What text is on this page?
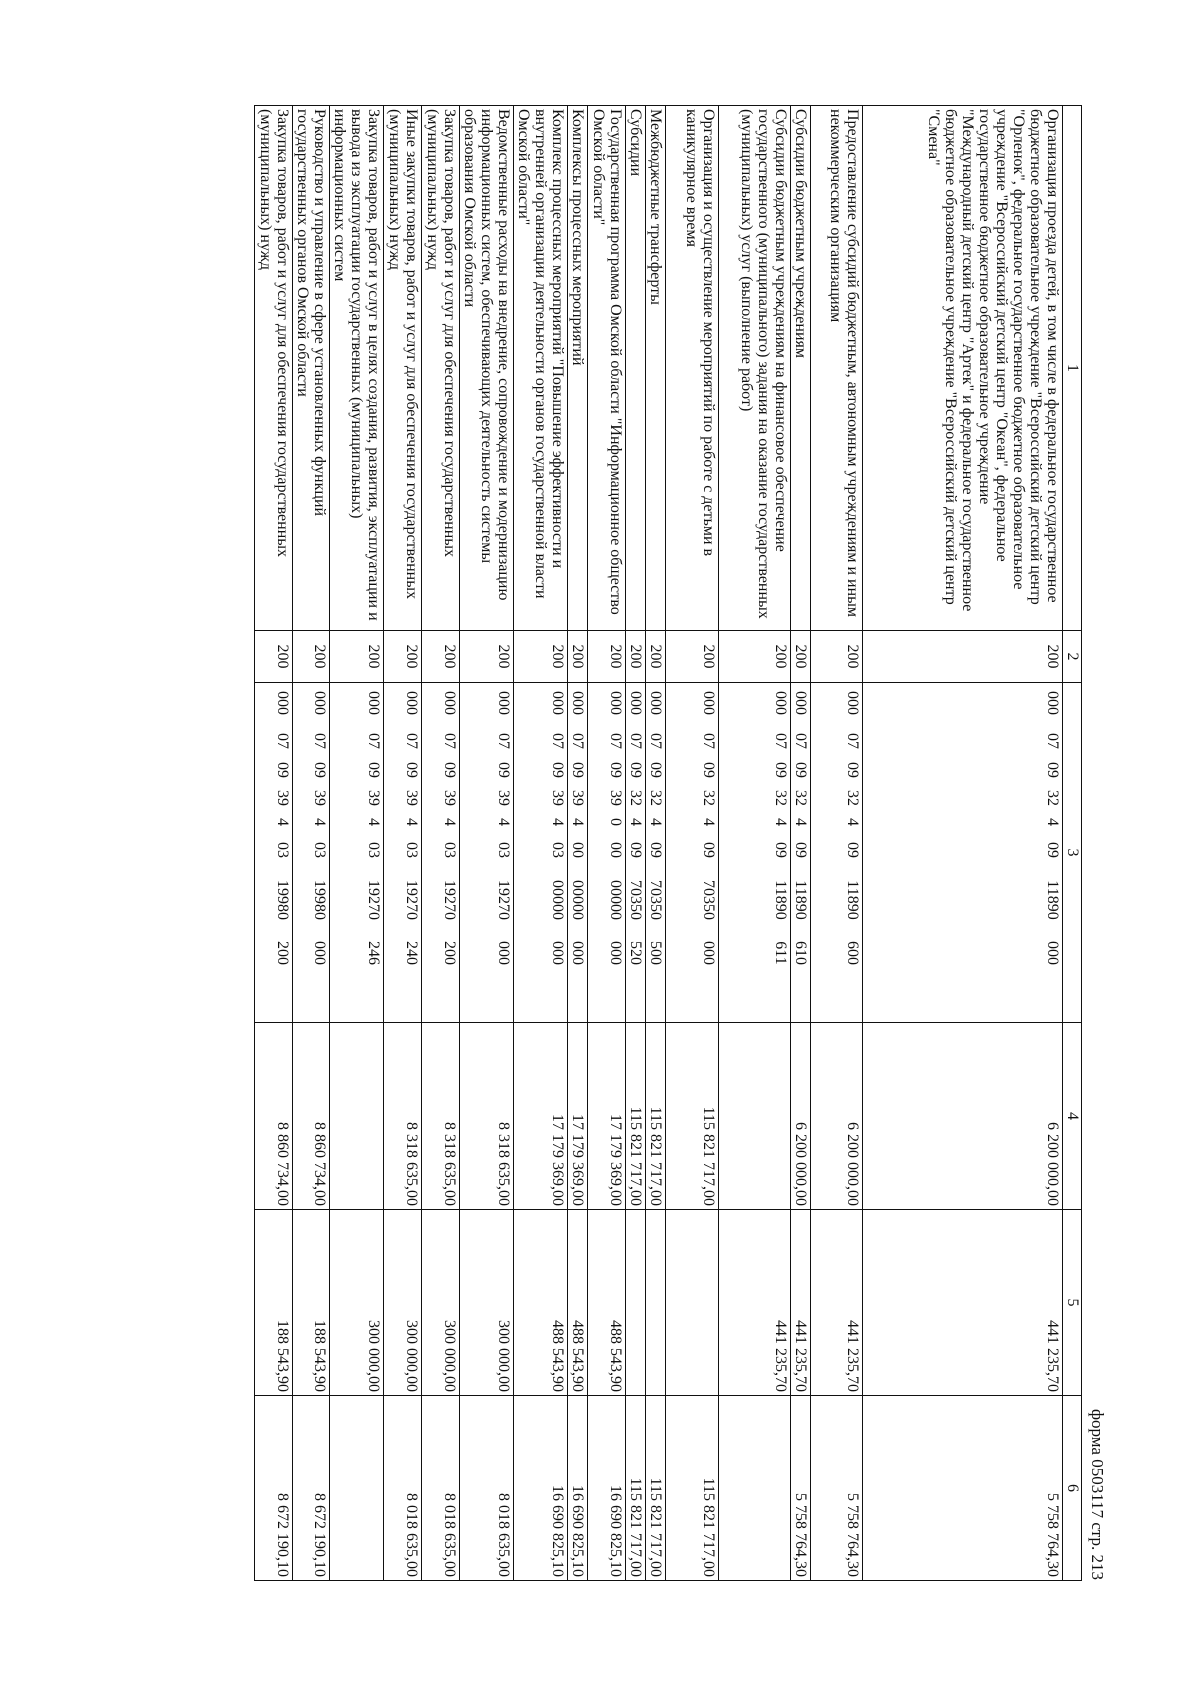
форма 0503117 стр. 213
1	2	3	4	5	6
Организация проезда детей, в том числе в федеральное государственное бюджетное образовательное учреждение "Всероссийский детский центр "Орленок", федеральное государственное бюджетное образовательное учреждение "Всероссийский детский центр "Океан", федеральное государственное бюджетное образовательное учреждение "Международный детский центр "Артек" и федеральное государственное бюджетное образовательное учреждение "Всероссийский детский центр "Смена"	200	00007093240911890000	6 200 000,00	441 235,70	5 758 764,30
Предоставление субсидий бюджетным, автономным учреждениям и иным некоммерческим организациям	200	00007093240911890600	6 200 000,00	441 235,70	5 758 764,30
Субсидии бюджетным учреждениям	200	00007093240911890610	6 200 000,00	441 235,70	5 758 764,30
Субсидии бюджетным учреждениям на финансовое обеспечение государственного (муниципального) задания на оказание государственных (муниципальных) услуг (выполнение работ)	200	00007093240911890611		441 235,70	
Организация и осуществление мероприятий по работе с детьми в каникулярное время	200	00007093240970350000	115 821 717,00		115 821 717,00
Межбюджетные трансферты	200	00007093240970350500	115 821 717,00		115 821 717,00
Субсидии	200	00007093240970350520	115 821 717,00		115 821 717,00
Государственная программа Омской области "Информационное общество Омской области"	200	00007093900000000000	17 179 369,00	488 543,90	16 690 825,10
Комплексы процессных мероприятий	200	00007093940000000000	17 179 369,00	488 543,90	16 690 825,10
Комплекс процессных мероприятий "Повышение эффективности и внутренней организации деятельности органов государственной власти Омской области"	200	00007093940300000000	17 179 369,00	488 543,90	16 690 825,10
Ведомственные расходы на внедрение, сопровождение и модернизацию информационных систем, обеспечивающих деятельность системы образования Омской области	200	00007093940319270000	8 318 635,00	300 000,00	8 018 635,00
Закупка товаров, работ и услуг для обеспечения государственных (муниципальных) нужд	200	00007093940319270200	8 318 635,00	300 000,00	8 018 635,00
Иные закупки товаров, работ и услуг для обеспечения государственных (муниципальных) нужд	200	00007093940319270240	8 318 635,00	300 000,00	8 018 635,00
Закупка товаров, работ и услуг в целях создания, развития, эксплуатации и вывода из эксплуатации государственных (муниципальных) информационных систем	200	00007093940319270246		300 000,00	
Руководство и управление в сфере установленных функций государственных органов Омской области	200	00007093940319980000	8 860 734,00	188 543,90	8 672 190,10
Закупка товаров, работ и услуг для обеспечения государственных (муниципальных) нужд	200	00007093940319980200	8 860 734,00	188 543,90	8 672 190,10
